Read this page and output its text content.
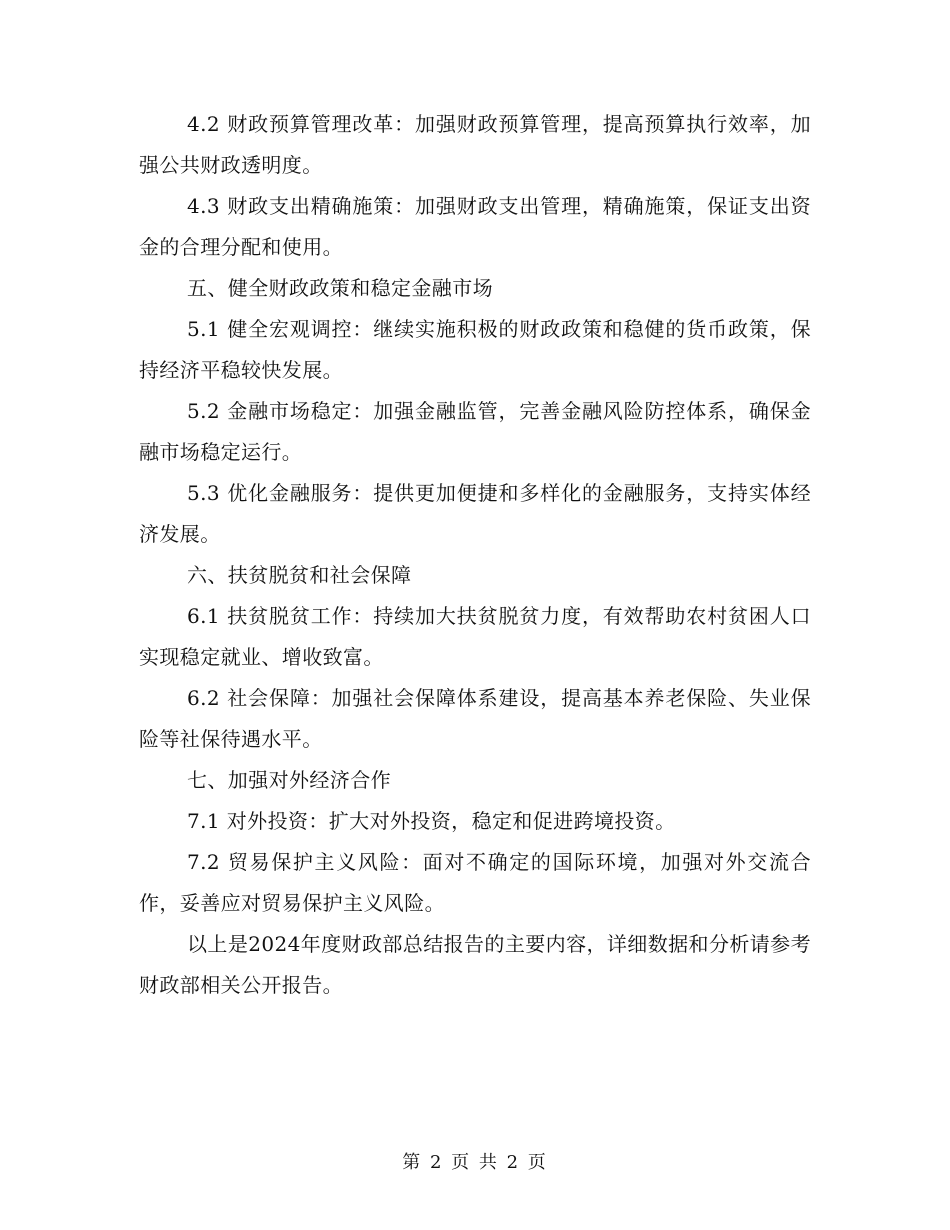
4.2 财政预算管理改革：加强财政预算管理，提高预算执行效率，加强公共财政透明度。

4.3 财政支出精确施策：加强财政支出管理，精确施策，保证支出资金的合理分配和使用。

五、健全财政政策和稳定金融市场

5.1 健全宏观调控：继续实施积极的财政政策和稳健的货币政策，保持经济平稳较快发展。

5.2 金融市场稳定：加强金融监管，完善金融风险防控体系，确保金融市场稳定运行。

5.3 优化金融服务：提供更加便捷和多样化的金融服务，支持实体经济发展。

六、扶贫脱贫和社会保障

6.1 扶贫脱贫工作：持续加大扶贫脱贫力度，有效帮助农村贫困人口实现稳定就业、增收致富。

6.2 社会保障：加强社会保障体系建设，提高基本养老保险、失业保险等社保待遇水平。

七、加强对外经济合作

7.1 对外投资：扩大对外投资，稳定和促进跨境投资。

7.2 贸易保护主义风险：面对不确定的国际环境，加强对外交流合作，妥善应对贸易保护主义风险。

以上是2024年度财政部总结报告的主要内容，详细数据和分析请参考财政部相关公开报告。

第 2 页 共 2 页
